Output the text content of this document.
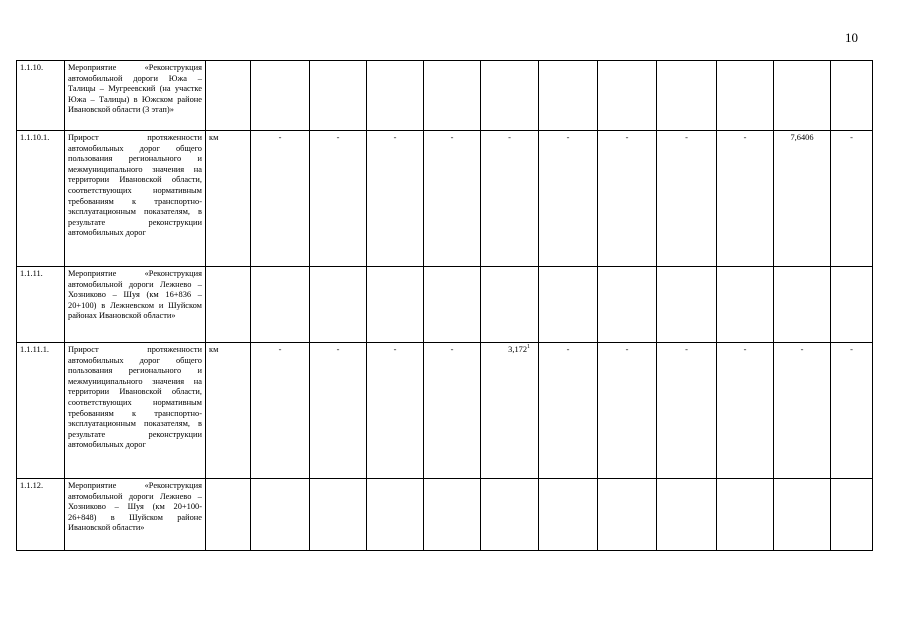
10
1.1.10.	Мероприятие «Реконструкция автомобильной дороги Южа – Талицы – Мугреевский (на участке Южа – Талицы) в Южском районе Ивановской области (3 этап)»													
1.1.10.1.	Прирост протяженности автомобильных дорог общего пользования регионального и межмуниципального значения на территории Ивановской области, соответствующих нормативным требованиям к транспортно-эксплуатационным показателям, в результате реконструкции автомобильных дорог	км	-	-	-	-	-	-	-	-	-	7,6406	-	
1.1.11.	Мероприятие «Реконструкция автомобильной дороги Лежнево – Хозниково – Шуя (км 16+836 – 20+100) в Лежневском и Шуйском районах Ивановской области»													
1.1.11.1.	Прирост протяженности автомобильных дорог общего пользования регионального и межмуниципального значения на территории Ивановской области, соответствующих нормативным требованиям к транспортно-эксплуатационным показателям, в результате реконструкции автомобильных дорог	км	-	-	-	-	3,172$^1$	-	-	-	-	-	-	
1.1.12.	Мероприятие «Реконструкция автомобильной дороги Лежнево – Хозниково – Шуя (км 20+100-26+848) в Шуйском районе Ивановской области»													
